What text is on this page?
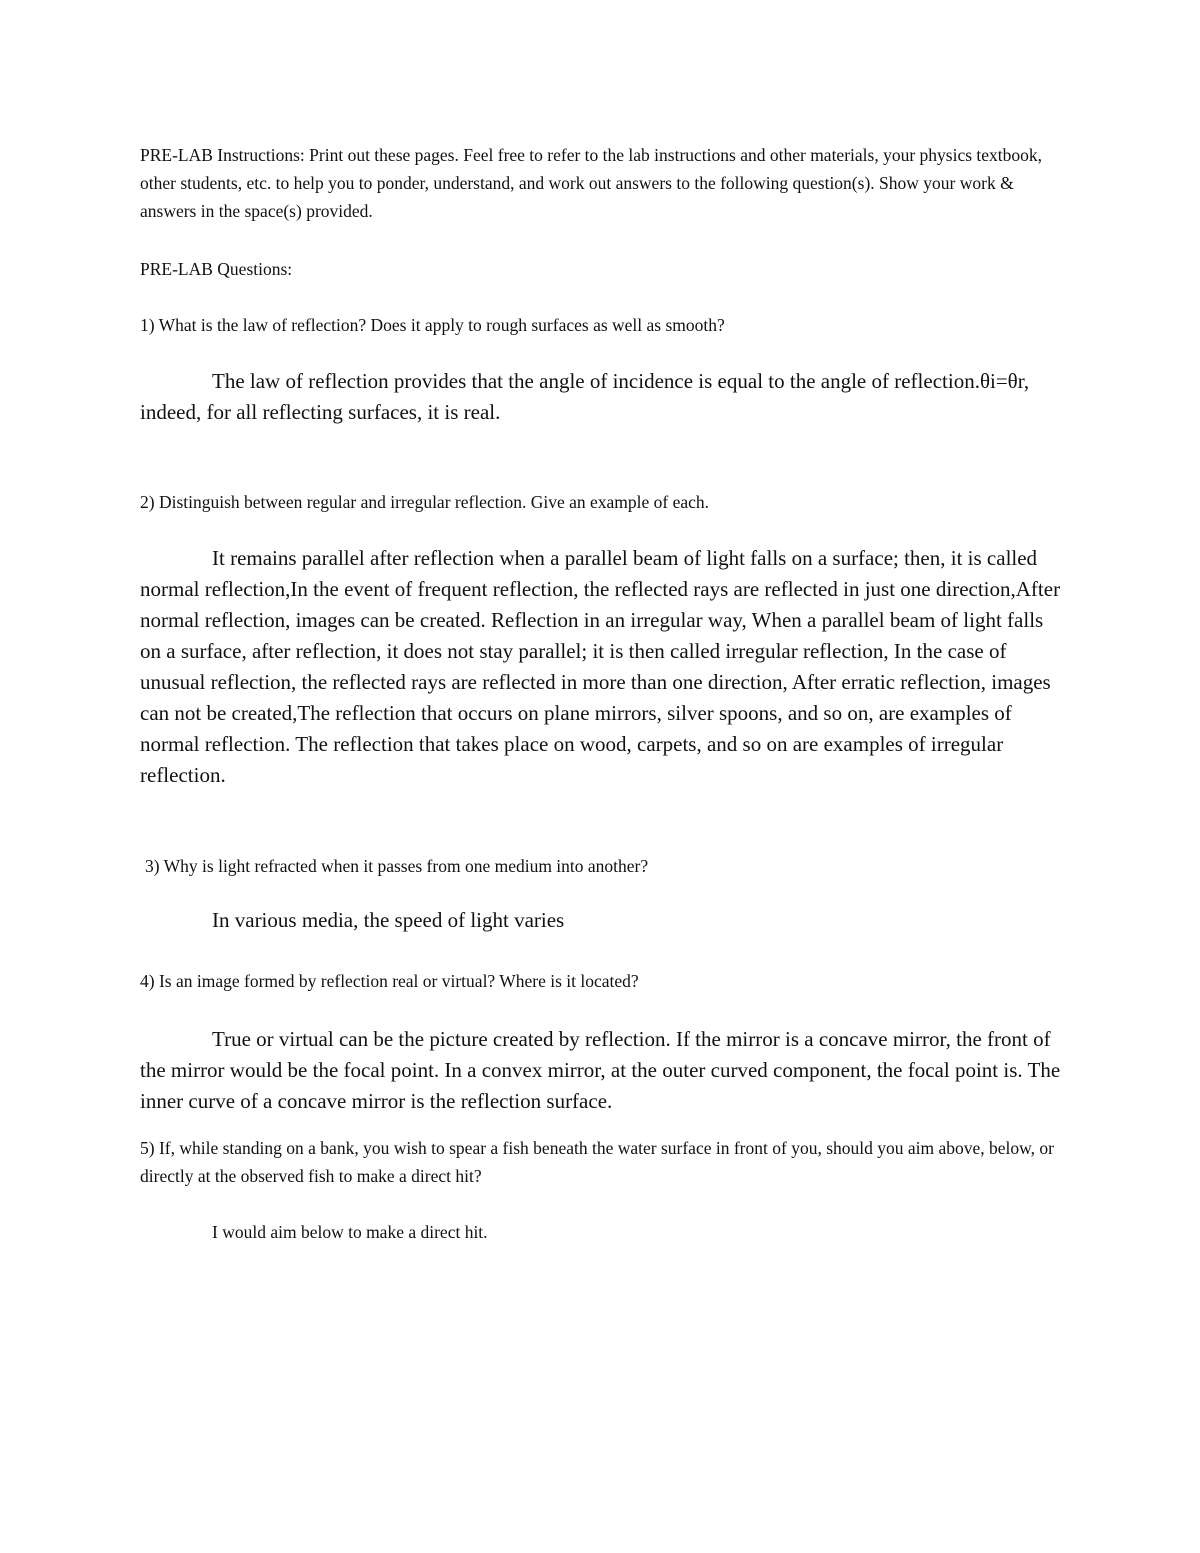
PRE-LAB Instructions: Print out these pages. Feel free to refer to the lab instructions and other materials, your physics textbook, other students, etc. to help you to ponder, understand, and work out answers to the following question(s). Show your work & answers in the space(s) provided.

PRE-LAB Questions:

1) What is the law of reflection? Does it apply to rough surfaces as well as smooth?

The law of reflection provides that the angle of incidence is equal to the angle of reflection.θi=θr, indeed, for all reflecting surfaces, it is real.

2) Distinguish between regular and irregular reflection. Give an example of each.

It remains parallel after reflection when a parallel beam of light falls on a surface; then, it is called normal reflection,In the event of frequent reflection, the reflected rays are reflected in just one direction,After normal reflection, images can be created. Reflection in an irregular way, When a parallel beam of light falls on a surface, after reflection, it does not stay parallel; it is then called irregular reflection, In the case of unusual reflection, the reflected rays are reflected in more than one direction, After erratic reflection, images can not be created,The reflection that occurs on plane mirrors, silver spoons, and so on, are examples of normal reflection. The reflection that takes place on wood, carpets, and so on are examples of irregular reflection.

3) Why is light refracted when it passes from one medium into another?

In various media, the speed of light varies

4) Is an image formed by reflection real or virtual? Where is it located?

True or virtual can be the picture created by reflection. If the mirror is a concave mirror, the front of the mirror would be the focal point. In a convex mirror, at the outer curved component, the focal point is. The inner curve of a concave mirror is the reflection surface.

5) If, while standing on a bank, you wish to spear a fish beneath the water surface in front of you, should you aim above, below, or directly at the observed fish to make a direct hit?

I would aim below to make a direct hit.
